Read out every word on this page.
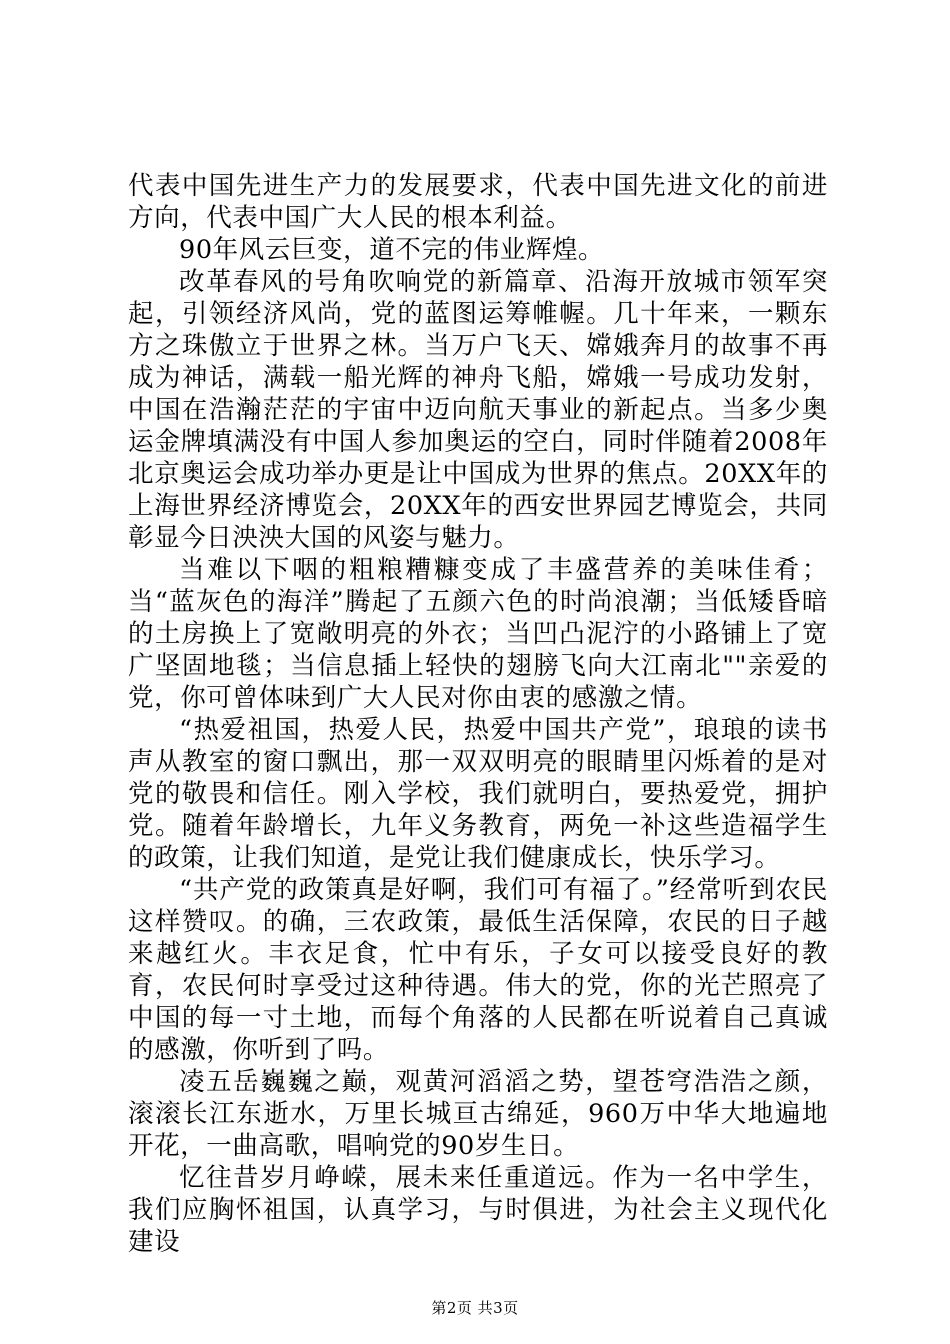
代表中国先进生产力的发展要求，代表中国先进文化的前进方向，代表中国广大人民的根本利益。

90年风云巨变，道不完的伟业辉煌。

改革春风的号角吹响党的新篇章、沿海开放城市领军突起，引领经济风尚，党的蓝图运筹帷幄。几十年来，一颗东方之珠傲立于世界之林。当万户飞天、嫦娥奔月的故事不再成为神话，满载一船光辉的神舟飞船，嫦娥一号成功发射，中国在浩瀚茫茫的宇宙中迈向航天事业的新起点。当多少奥运金牌填满没有中国人参加奥运的空白，同时伴随着2008年北京奥运会成功举办更是让中国成为世界的焦点。20XX年的上海世界经济博览会，20XX年的西安世界园艺博览会，共同彰显今日泱泱大国的风姿与魅力。

当难以下咽的粗粮糟糠变成了丰盛营养的美味佳肴；当“蓝灰色的海洋”腾起了五颜六色的时尚浪潮；当低矮昏暗的土房换上了宽敞明亮的外衣；当凹凸泥泞的小路铺上了宽广坚固地毯；当信息插上轻快的翅膀飞向大江南北""亲爱的党，你可曾体味到广大人民对你由衷的感激之情。

“热爱祖国，热爱人民，热爱中国共产党”，琅琅的读书声从教室的窗口飘出，那一双双明亮的眼睛里闪烁着的是对党的敬畏和信任。刚入学校，我们就明白，要热爱党，拥护党。随着年龄增长，九年义务教育，两免一补这些造福学生的政策，让我们知道，是党让我们健康成长，快乐学习。

“共产党的政策真是好啊，我们可有福了。”经常听到农民这样赞叹。的确，三农政策，最低生活保障，农民的日子越来越红火。丰衣足食，忙中有乐，子女可以接受良好的教育，农民何时享受过这种待遇。伟大的党，你的光芒照亮了中国的每一寸土地，而每个角落的人民都在听说着自己真诚的感激，你听到了吗。

凌五岳巍巍之巅，观黄河滔滔之势，望苍穹浩浩之颜，滚滚长江东逝水，万里长城亘古绵延，960万中华大地遍地开花，一曲高歌，唱响党的90岁生日。

忆往昔岁月峥嵘，展未来任重道远。作为一名中学生，我们应胸怀祖国，认真学习，与时俱进，为社会主义现代化建设

第2页 共3页
